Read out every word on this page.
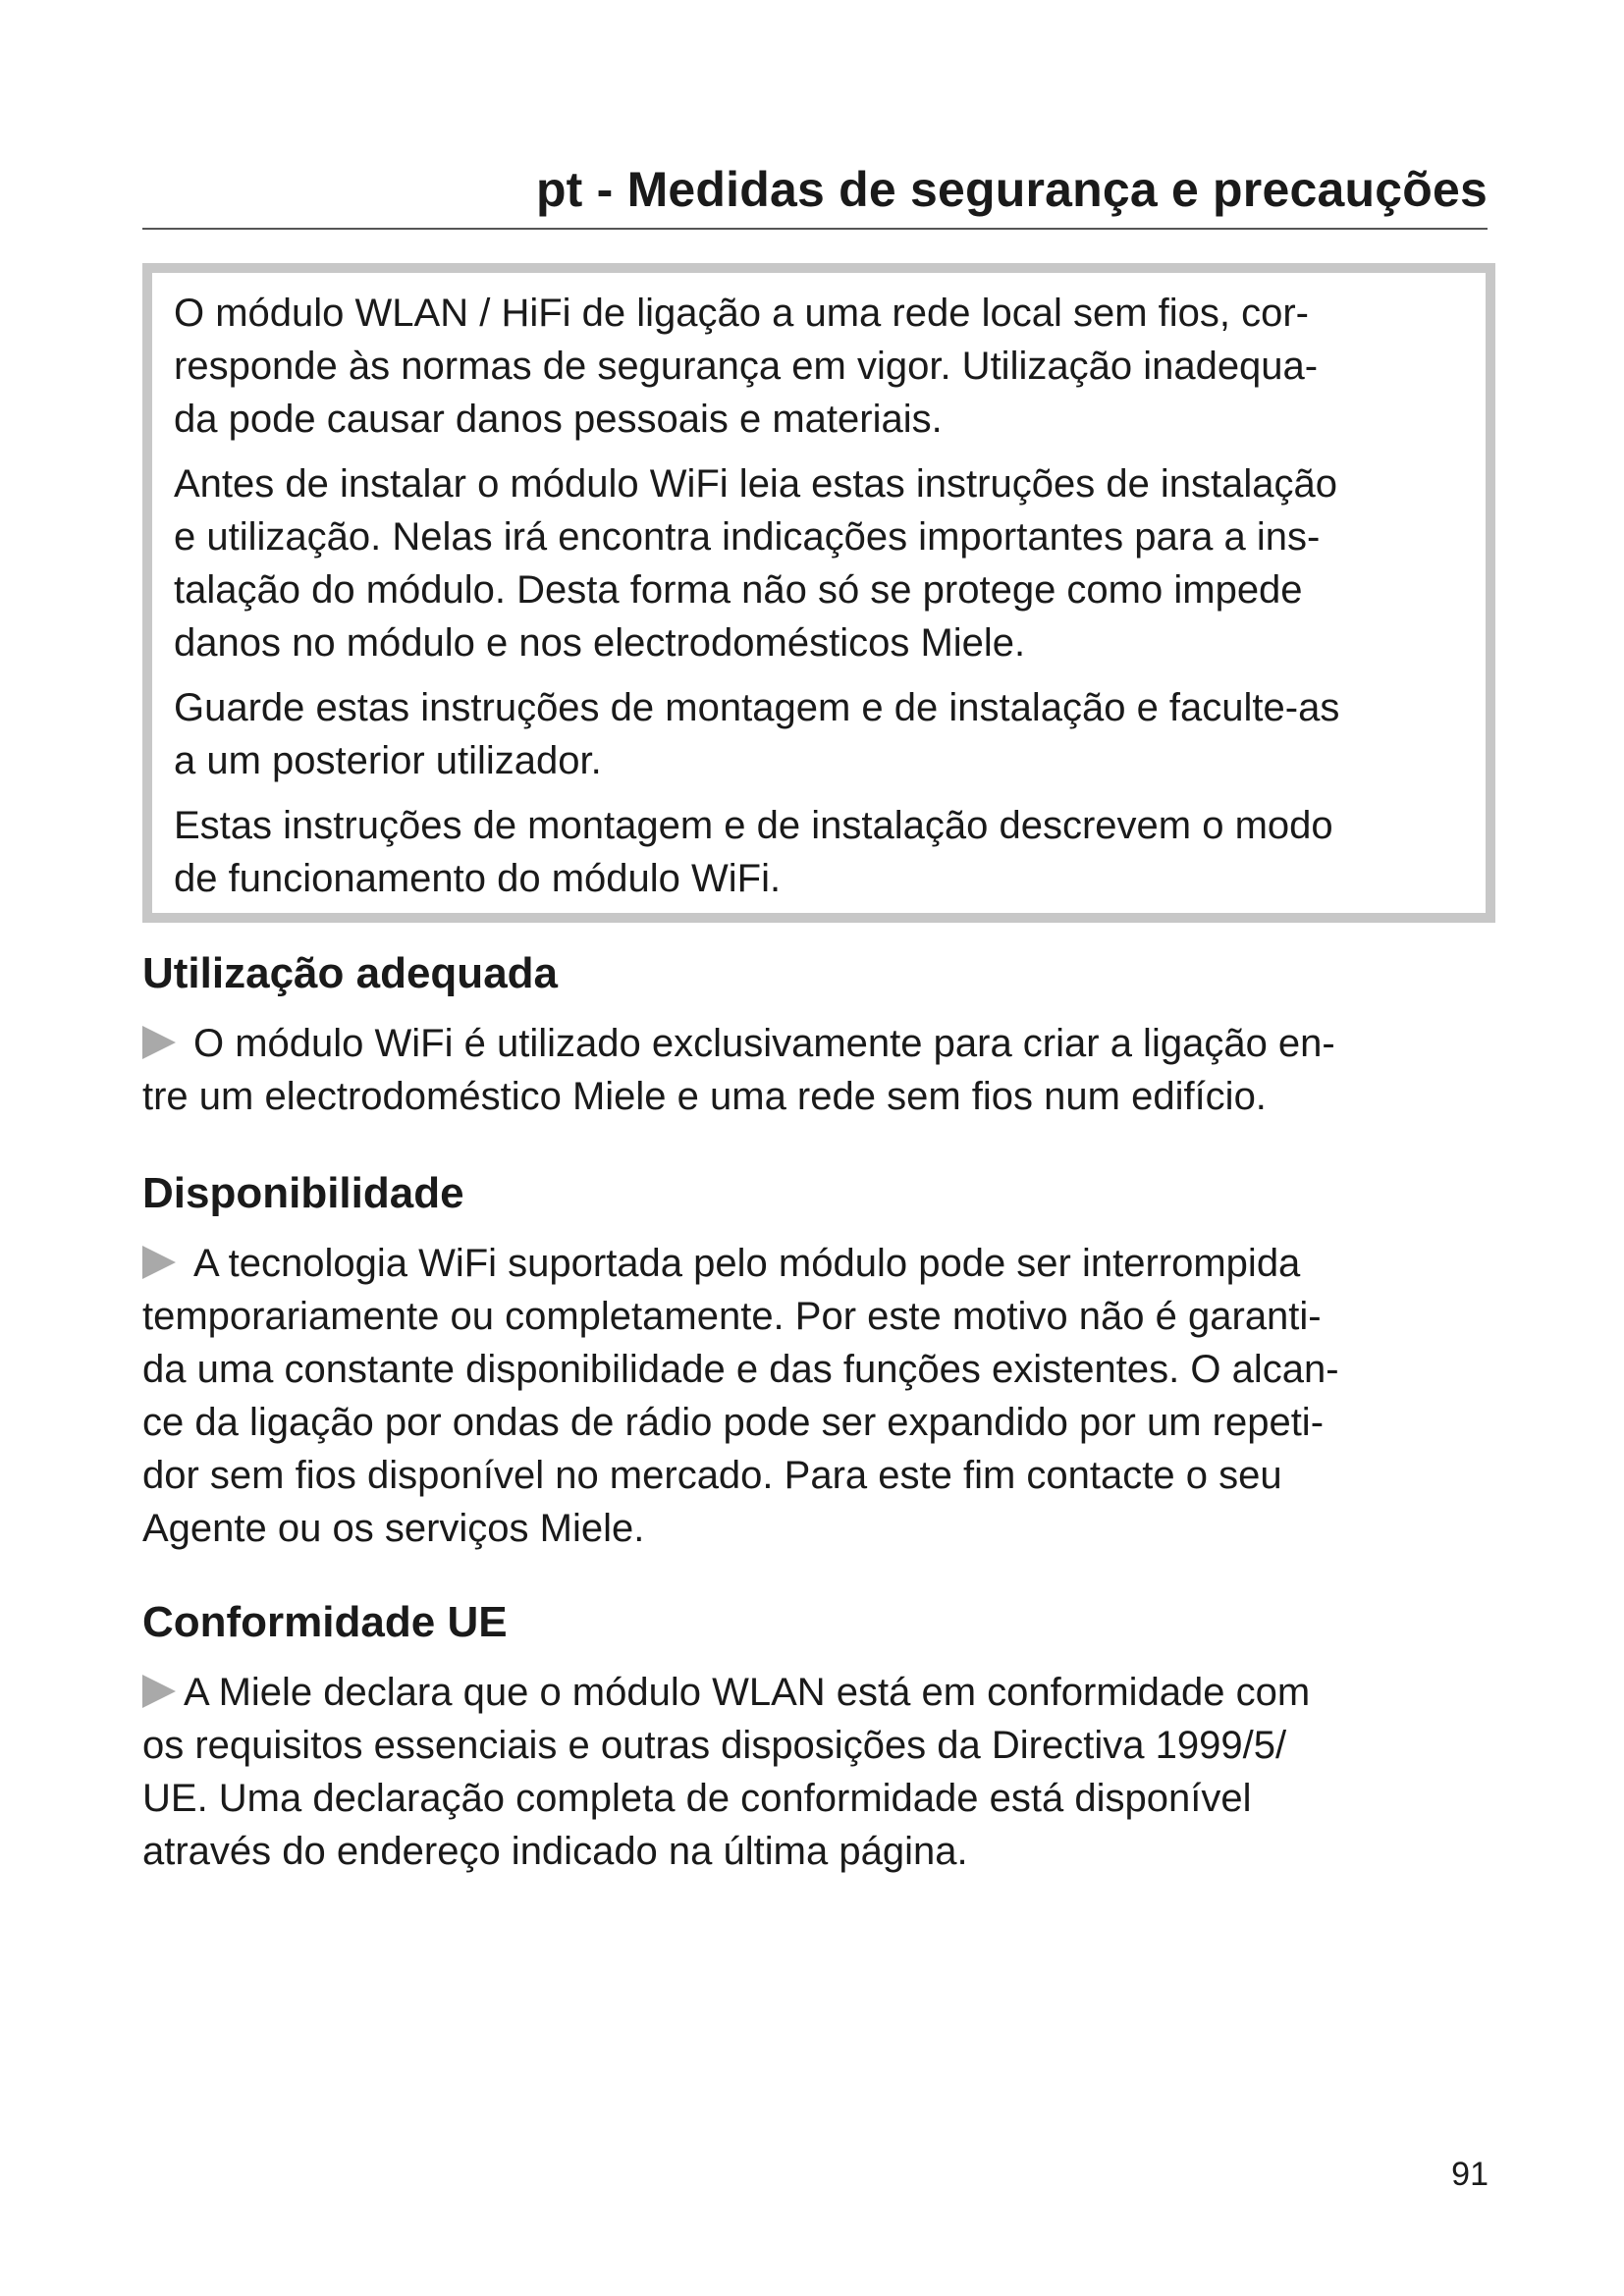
pt - Medidas de segurança e precauções

O módulo WLAN / HiFi de ligação a uma rede local sem fios, cor-
responde às normas de segurança em vigor. Utilização inadequa-
da pode causar danos pessoais e materiais.

Antes de instalar o módulo WiFi leia estas instruções de instalação
e utilização. Nelas irá encontra indicações importantes para a ins-
talação do módulo. Desta forma não só se protege como impede
danos no módulo e nos electrodomésticos Miele.

Guarde estas instruções de montagem e de instalação e faculte-as
a um posterior utilizador.

Estas instruções de montagem e de instalação descrevem o modo
de funcionamento do módulo WiFi.

Utilização adequada
O módulo WiFi é utilizado exclusivamente para criar a ligação en-
tre um electrodoméstico Miele e uma rede sem fios num edifício.
Disponibilidade
A tecnologia WiFi suportada pelo módulo pode ser interrompida
temporariamente ou completamente. Por este motivo não é garanti-
da uma constante disponibilidade e das funções existentes. O alcan-
ce da ligação por ondas de rádio pode ser expandido por um repeti-
dor sem fios disponível no mercado. Para este fim contacte o seu
Agente ou os serviços Miele.
Conformidade UE
A Miele declara que o módulo WLAN está em conformidade com
os requisitos essenciais e outras disposições da Directiva 1999/5/
UE. Uma declaração completa de conformidade está disponível
através do endereço indicado na última página.
91
